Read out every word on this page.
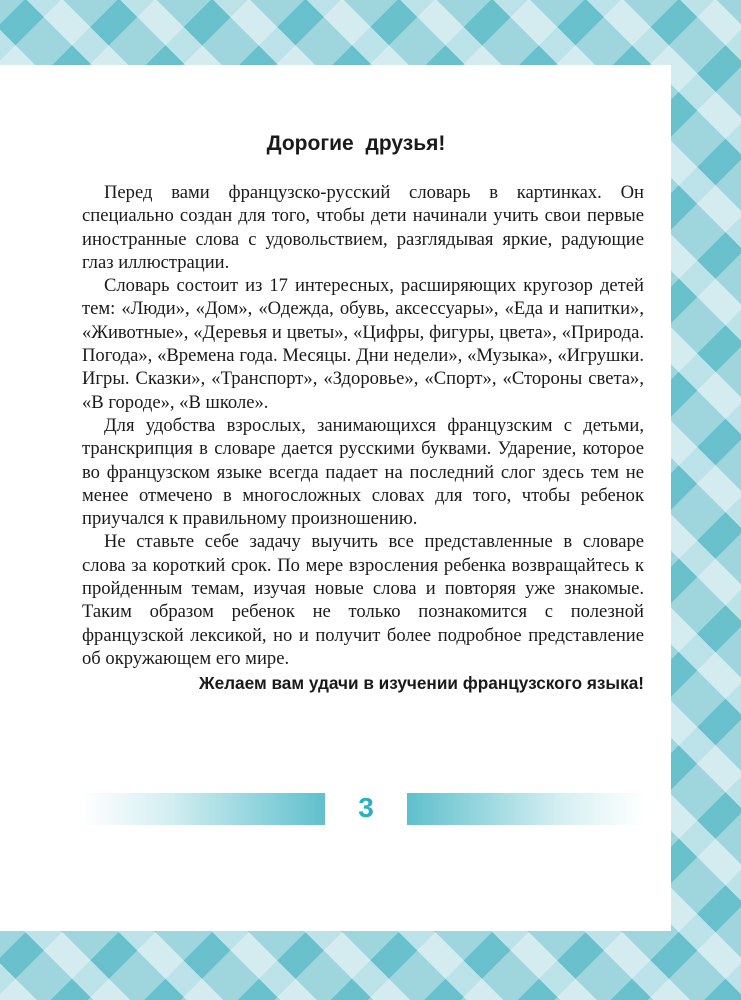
Дорогие друзья!

Перед вами французско-русский словарь в картинках. Он специально создан для того, чтобы дети начинали учить свои первые иностранные слова с удовольствием, разглядывая яркие, радующие глаз иллюстрации.

Словарь состоит из 17 интересных, расширяющих кругозор детей тем: «Люди», «Дом», «Одежда, обувь, аксессуары», «Еда и напитки», «Животные», «Деревья и цветы», «Цифры, фигуры, цвета», «Природа. Погода», «Времена года. Месяцы. Дни недели», «Музыка», «Игрушки. Игры. Сказки», «Транспорт», «Здоровье», «Спорт», «Стороны света», «В городе», «В школе».

Для удобства взрослых, занимающихся французским с детьми, транскрипция в словаре дается русскими буквами. Ударение, которое во французском языке всегда падает на последний слог здесь тем не менее отмечено в многосложных словах для того, чтобы ребенок приучался к правильному произношению.

Не ставьте себе задачу выучить все представленные в словаре слова за короткий срок. По мере взросления ребенка возвращайтесь к пройденным темам, изучая новые слова и повторяя уже знакомые. Таким образом ребенок не только познакомится с полезной французской лексикой, но и получит более подробное представление об окружающем его мире.

Желаем вам удачи в изучении французского языка!

3
